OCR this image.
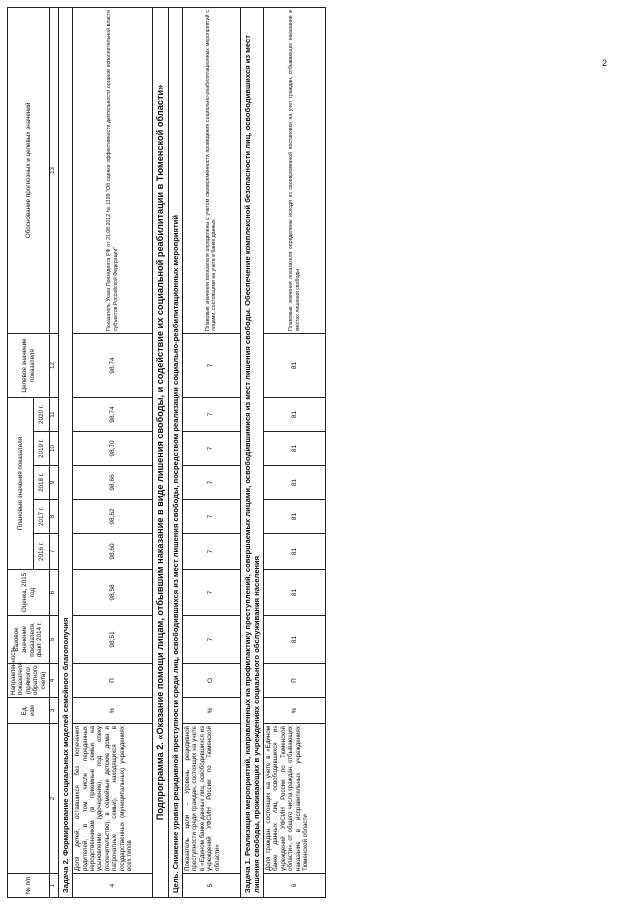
2
№ п/п		Ед. изм	Направленность показателя (прямого/обратного счета)	Базовое значение показателя, факт 2014 г.	Оценка, 2015 год	Плановые значения показателя					Целевое значение показателя	Обоснование прогнозных и целевых значений
						2016 г.	2017 г.	2018 г.	2019 г.	2020 г.		
1	2	3	4	5	6	7	8	9	10	11	12	13
Задача 2. Формирование социальных моделей семейного благополучия												
4	Доля детей, оставшихся без попечения родителей, в том числе переданных неродственникам (в приемные семьи, на усыновление (удочерение), под опеку (попечительство), в семейные детские дома и патронатные семьи), находящихся в государственных (муниципальных) учреждениях всех типов	%	П	98,51	98,58	98,60	98,62	98,66	98,70	98,74	98,74	Показатель Указа Президента РФ от 21.08.2012 № 1199 "Об оценке эффективности деятельности органов исполнительной власти субъектов Российской Федерации"
Подпрограмма 2. «Оказание помощи лицам, отбывшим наказание в виде лишения свободы, и содействие их социальной реабилитации в Тюменской области»												
Цель. Снижение уровня рецидивной преступности среди лиц, освободившихся из мест лишения свободы, посредством реализации социально-реабилитационных мероприятий												
5	Показатель цели - Уровень рецидивной преступности среди граждан, состоящих на учете в «Едином банке данных лиц, освободившихся из учреждений УФСИН России по Тюменской области»	%	О	7	7	7	7	7	7	7	7	Плановые значения показателя определены с учетом своевременности проведения социально-реабилитационных мероприятий с лицами, состоящими на учете в банке данных
Задача 1. Реализация мероприятий, направленных на профилактику преступлений, совершаемых лицами, освободившимися из мест лишения свободы. Обеспечение комплексной безопасности лиц, освободившихся из мест лишения свободы, проживающих в учреждениях социального обслуживания населения												
6	Доля граждан, состоящих на учете в «Едином банке данных лиц, освободившихся из учреждений УФСИН России по Тюменской области», от общего числа граждан, отбывающих наказание в исправительных учреждениях Тюменской области	%	П	81	81	81	81	81	81	81	81	Плановые значения показателя определены исходя из своевременной постановки на учет граждан, отбывающих наказание в местах лишения свободы
